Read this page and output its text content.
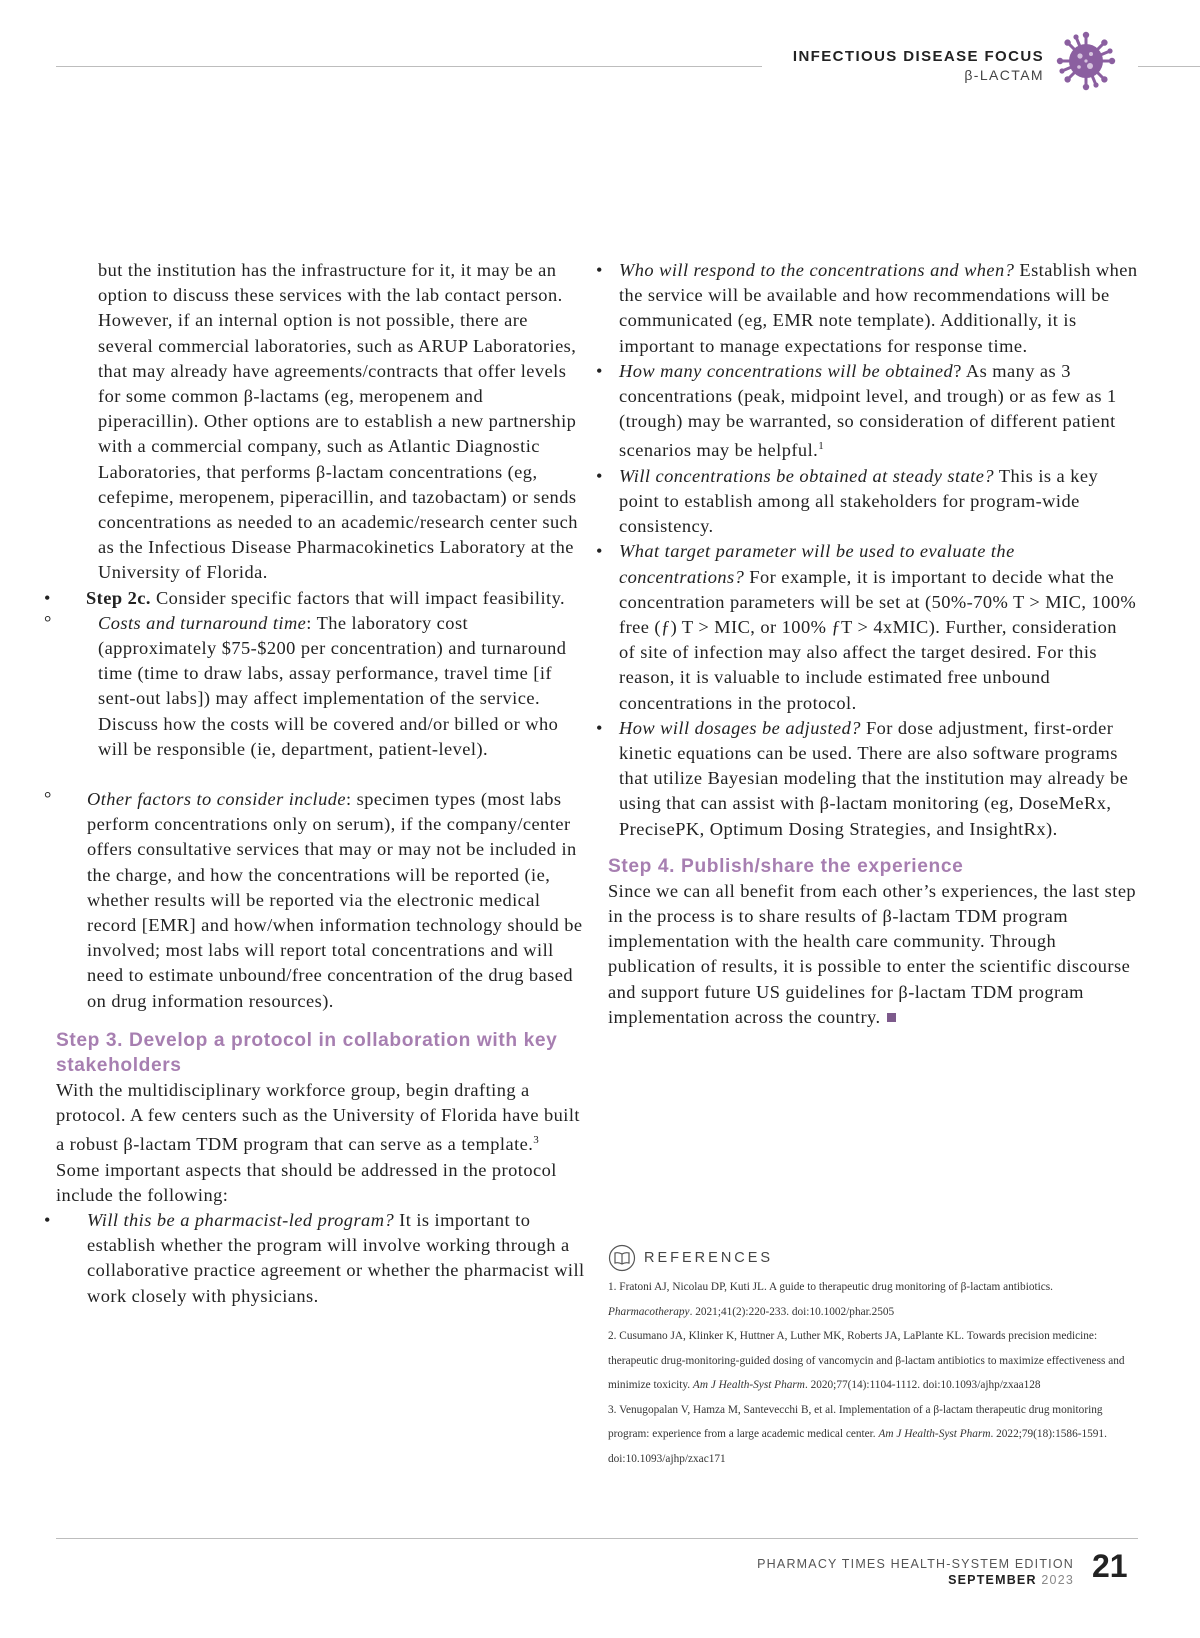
INFECTIOUS DISEASE FOCUS
β-LACTAM

but the institution has the infrastructure for it, it may be an option to discuss these services with the lab contact person. However, if an internal option is not possible, there are several commercial laboratories, such as ARUP Laboratories, that may already have agreements/contracts that offer levels for some common β-lactams (eg, meropenem and piperacillin). Other options are to establish a new partnership with a commercial company, such as Atlantic Diagnostic Laboratories, that performs β-lactam concentrations (eg, cefepime, meropenem, piperacillin, and tazobactam) or sends concentrations as needed to an academic/research center such as the Infectious Disease Pharmacokinetics Laboratory at the University of Florida.

• Step 2c. Consider specific factors that will impact feasibility.

° Costs and turnaround time: The laboratory cost (approximately $75-$200 per concentration) and turnaround time (time to draw labs, assay performance, travel time [if sent-out labs]) may affect implementation of the service. Discuss how the costs will be covered and/or billed or who will be responsible (ie, department, patient-level).

° Other factors to consider include: specimen types (most labs perform concentrations only on serum), if the company/center offers consultative services that may or may not be included in the charge, and how the concentrations will be reported (ie, whether results will be reported via the electronic medical record [EMR] and how/when information technology should be involved; most labs will report total concentrations and will need to estimate unbound/free concentration of the drug based on drug information resources).

Step 3. Develop a protocol in collaboration with key stakeholders

With the multidisciplinary workforce group, begin drafting a protocol. A few centers such as the University of Florida have built a robust β-lactam TDM program that can serve as a template.$^3$ Some important aspects that should be addressed in the protocol include the following:

• Will this be a pharmacist-led program? It is important to establish whether the program will involve working through a collaborative practice agreement or whether the pharmacist will work closely with physicians.

• Who will respond to the concentrations and when? Establish when the service will be available and how recommendations will be communicated (eg, EMR note template). Additionally, it is important to manage expectations for response time.

• How many concentrations will be obtained? As many as 3 concentrations (peak, midpoint level, and trough) or as few as 1 (trough) may be warranted, so consideration of different patient scenarios may be helpful.$^1$

• Will concentrations be obtained at steady state? This is a key point to establish among all stakeholders for program-wide consistency.

• What target parameter will be used to evaluate the concentrations? For example, it is important to decide what the concentration parameters will be set at (50%-70% T > MIC, 100% free (ƒ) T > MIC, or 100% ƒT > 4xMIC). Further, consideration of site of infection may also affect the target desired. For this reason, it is valuable to include estimated free unbound concentrations in the protocol.

• How will dosages be adjusted? For dose adjustment, first-order kinetic equations can be used. There are also software programs that utilize Bayesian modeling that the institution may already be using that can assist with β-lactam monitoring (eg, DoseMeRx, PrecisePK, Optimum Dosing Strategies, and InsightRx).

Step 4. Publish/share the experience

Since we can all benefit from each other’s experiences, the last step in the process is to share results of β-lactam TDM program implementation with the health care community. Through publication of results, it is possible to enter the scientific discourse and support future US guidelines for β-lactam TDM program implementation across the country.

REFERENCES

1. Fratoni AJ, Nicolau DP, Kuti JL. A guide to therapeutic drug monitoring of β-lactam antibiotics. Pharmacotherapy. 2021;41(2):220-233. doi:10.1002/phar.2505

2. Cusumano JA, Klinker K, Huttner A, Luther MK, Roberts JA, LaPlante KL. Towards precision medicine: therapeutic drug-monitoring-guided dosing of vancomycin and β-lactam antibiotics to maximize effectiveness and minimize toxicity. Am J Health-Syst Pharm. 2020;77(14):1104-1112. doi:10.1093/ajhp/zxaa128

3. Venugopalan V, Hamza M, Santevecchi B, et al. Implementation of a β-lactam therapeutic drug monitoring program: experience from a large academic medical center. Am J Health-Syst Pharm. 2022;79(18):1586-1591. doi:10.1093/ajhp/zxac171

PHARMACY TIMES HEALTH-SYSTEM EDITION
SEPTEMBER 2023 21
